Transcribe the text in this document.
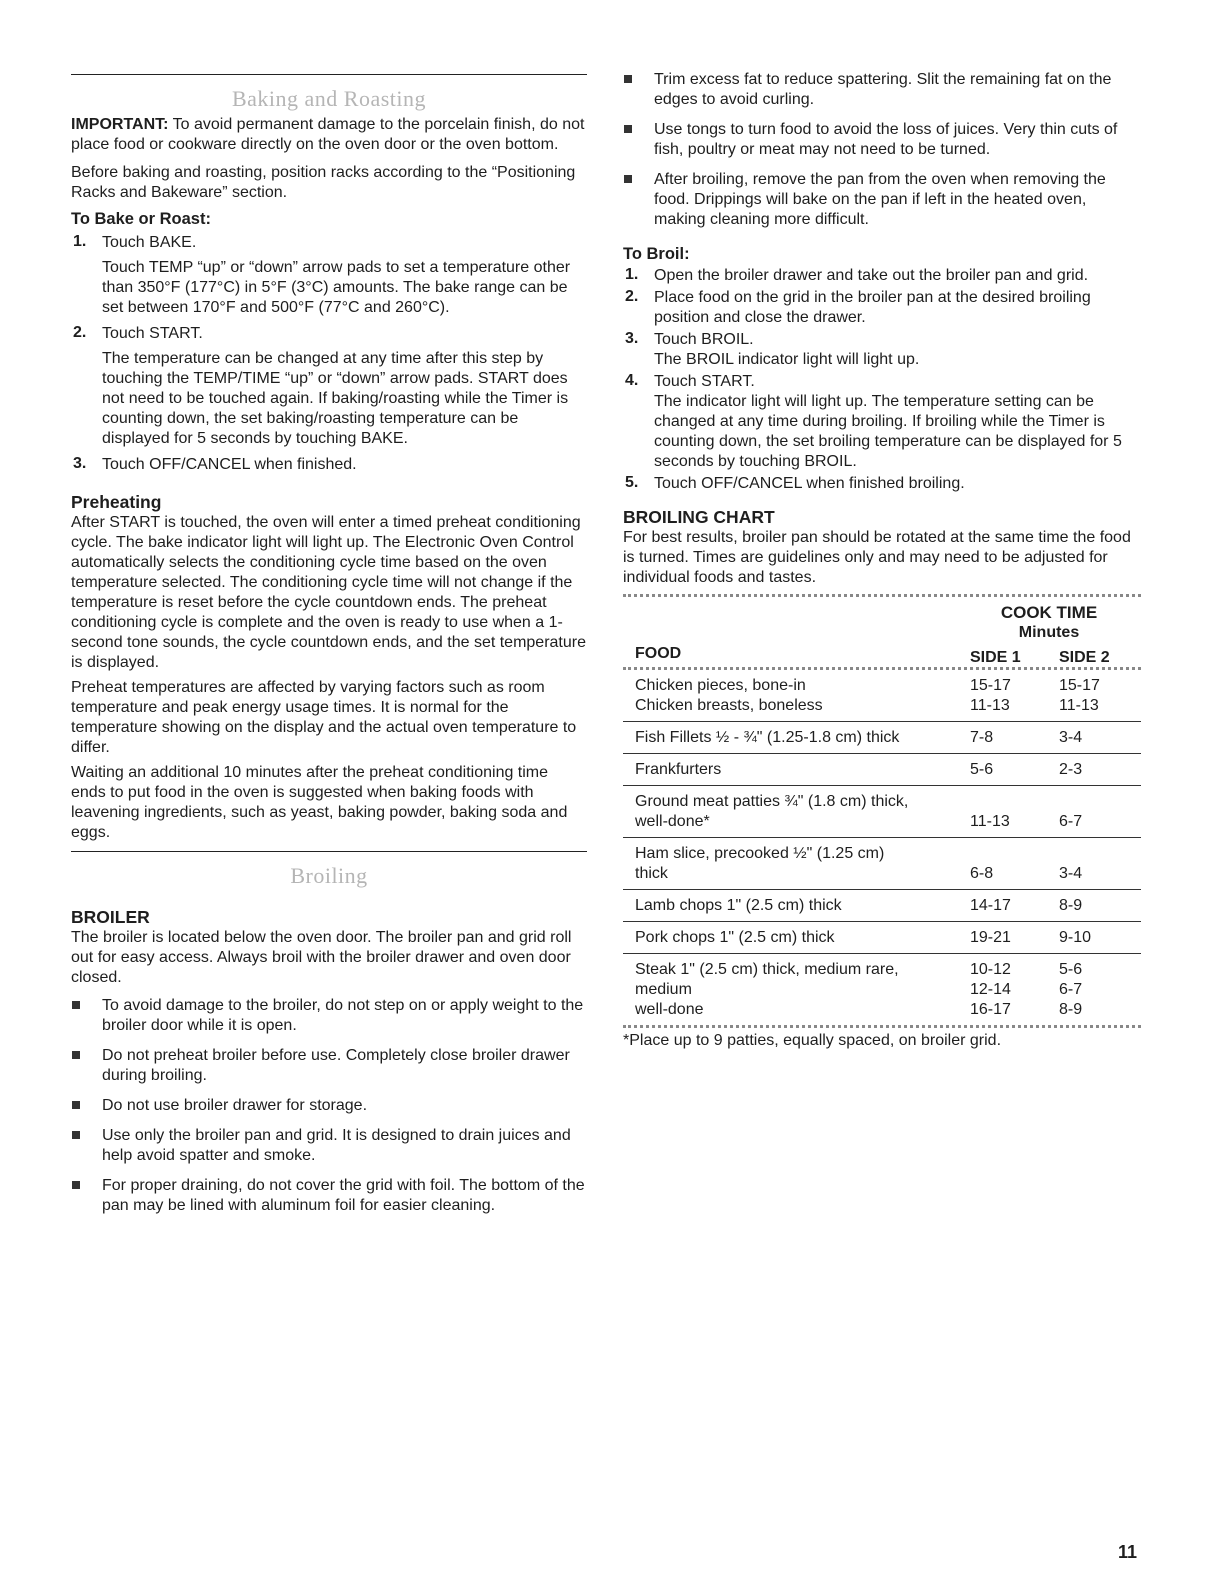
Baking and Roasting

IMPORTANT: To avoid permanent damage to the porcelain finish, do not place food or cookware directly on the oven door or the oven bottom.

Before baking and roasting, position racks according to the “Positioning Racks and Bakeware” section.

To Bake or Roast:

1. Touch BAKE.

Touch TEMP “up” or “down” arrow pads to set a temperature other than 350°F (177°C) in 5°F (3°C) amounts. The bake range can be set between 170°F and 500°F (77°C and 260°C).

2. Touch START.

The temperature can be changed at any time after this step by touching the TEMP/TIME “up” or “down” arrow pads. START does not need to be touched again. If baking/roasting while the Timer is counting down, the set baking/roasting temperature can be displayed for 5 seconds by touching BAKE.

3. Touch OFF/CANCEL when finished.

Preheating

After START is touched, the oven will enter a timed preheat conditioning cycle. The bake indicator light will light up. The Electronic Oven Control automatically selects the conditioning cycle time based on the oven temperature selected. The conditioning cycle time will not change if the temperature is reset before the cycle countdown ends. The preheat conditioning cycle is complete and the oven is ready to use when a 1-second tone sounds, the cycle countdown ends, and the set temperature is displayed.

Preheat temperatures are affected by varying factors such as room temperature and peak energy usage times. It is normal for the temperature showing on the display and the actual oven temperature to differ.

Waiting an additional 10 minutes after the preheat conditioning time ends to put food in the oven is suggested when baking foods with leavening ingredients, such as yeast, baking powder, baking soda and eggs.

Broiling

BROILER

The broiler is located below the oven door. The broiler pan and grid roll out for easy access. Always broil with the broiler drawer and oven door closed.

To avoid damage to the broiler, do not step on or apply weight to the broiler door while it is open.

Do not preheat broiler before use. Completely close broiler drawer during broiling.

Do not use broiler drawer for storage.

Use only the broiler pan and grid. It is designed to drain juices and help avoid spatter and smoke.

For proper draining, do not cover the grid with foil. The bottom of the pan may be lined with aluminum foil for easier cleaning.

Trim excess fat to reduce spattering. Slit the remaining fat on the edges to avoid curling.

Use tongs to turn food to avoid the loss of juices. Very thin cuts of fish, poultry or meat may not need to be turned.

After broiling, remove the pan from the oven when removing the food. Drippings will bake on the pan if left in the heated oven, making cleaning more difficult.

To Broil:

1. Open the broiler drawer and take out the broiler pan and grid.

2. Place food on the grid in the broiler pan at the desired broiling position and close the drawer.

3. Touch BROIL.
The BROIL indicator light will light up.

4. Touch START.
The indicator light will light up. The temperature setting can be changed at any time during broiling. If broiling while the Timer is counting down, the set broiling temperature can be displayed for 5 seconds by touching BROIL.

5. Touch OFF/CANCEL when finished broiling.

BROILING CHART

For best results, broiler pan should be rotated at the same time the food is turned. Times are guidelines only and may need to be adjusted for individual foods and tastes.

COOK TIME
Minutes
FOOD	SIDE 1 SIDE 2
Chicken pieces, bone-in	15-17	15-17
Chicken breasts, boneless	11-13	11-13
Fish Fillets ½ - ¾" (1.25-1.8 cm) thick	7-8	3-4
Frankfurters	5-6	2-3
Ground meat patties ¾" (1.8 cm) thick,
well-done*	11-13	6-7
Ham slice, precooked ½" (1.25 cm)
thick	6-8	3-4
Lamb chops 1" (2.5 cm) thick	14-17	8-9
Pork chops 1" (2.5 cm) thick	19-21	9-10
Steak 1" (2.5 cm) thick, medium rare,	10-12	5-6
medium	12-14	6-7
well-done	16-17	8-9

*Place up to 9 patties, equally spaced, on broiler grid.

11
